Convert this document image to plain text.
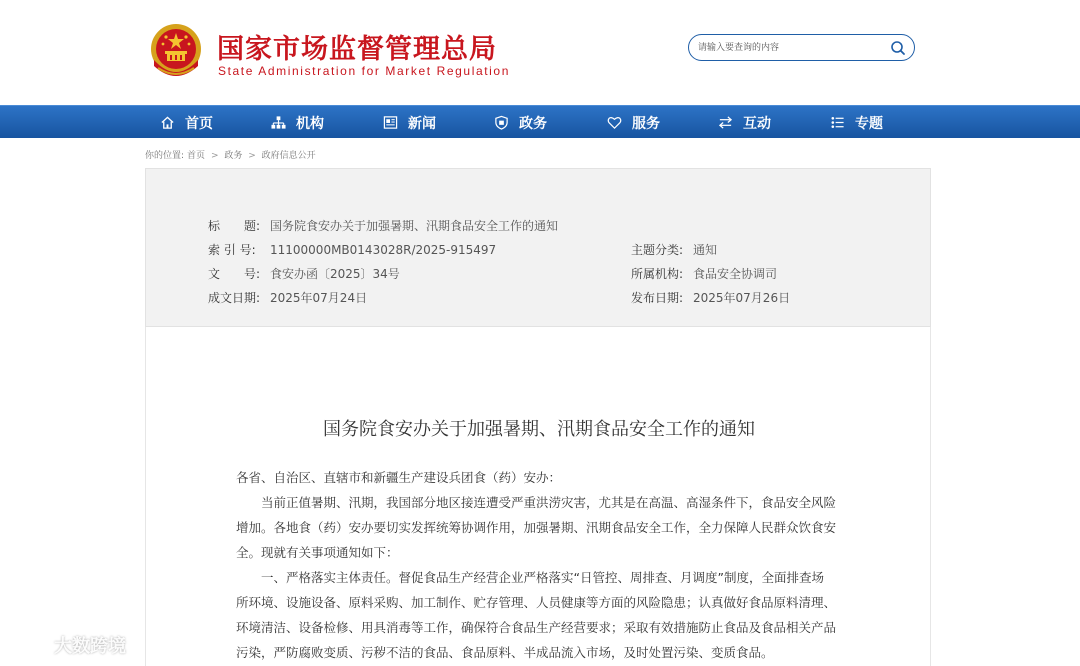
国家市场监督管理总局
State Administration for Market Regulation
请输入要查询的内容
首页	机构	新闻	政务	服务	互动	专题
你的位置: 首页 > 政务 > 政府信息公开
标　　题: 国务院食安办关于加强暑期、汛期食品安全工作的通知
索 引 号: 11100000MB0143028R/2025-915497
文　　号: 食安办函〔2025〕34号
成文日期: 2025年07月24日
主题分类: 通知
所属机构: 食品安全协调司
发布日期: 2025年07月26日
国务院食安办关于加强暑期、汛期食品安全工作的通知
各省、自治区、直辖市和新疆生产建设兵团食（药）安办：
当前正值暑期、汛期，我国部分地区接连遭受严重洪涝灾害，尤其是在高温、高湿条件下，食品安全风险
增加。各地食（药）安办要切实发挥统筹协调作用，加强暑期、汛期食品安全工作，全力保障人民群众饮食安
全。现就有关事项通知如下：
一、严格落实主体责任。督促食品生产经营企业严格落实“日管控、周排查、月调度”制度，全面排查场
所环境、设施设备、原料采购、加工制作、贮存管理、人员健康等方面的风险隐患；认真做好食品原料清理、
环境清洁、设备检修、用具消毒等工作，确保符合食品生产经营要求；采取有效措施防止食品及食品相关产品
污染，严防腐败变质、污秽不洁的食品、食品原料、半成品流入市场，及时处置污染、变质食品。
大数跨境
